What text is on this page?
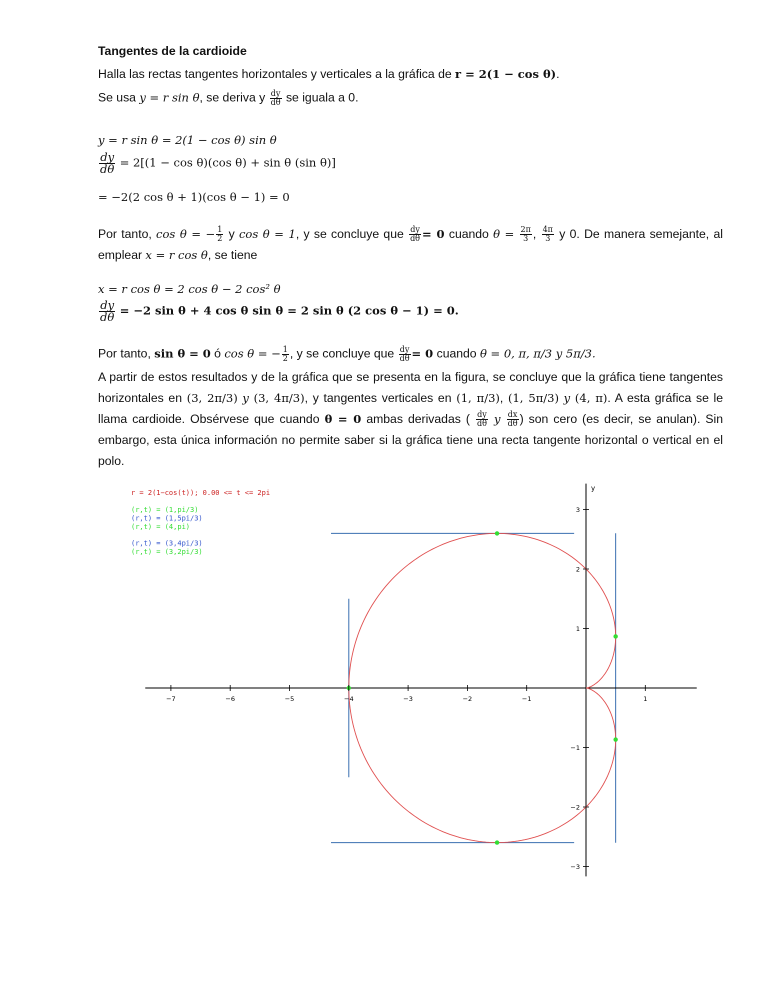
Tangentes de la cardioide
Halla las rectas tangentes horizontales y verticales a la gráfica de r = 2(1 − cos θ).
Se usa y = r sin θ, se deriva y $\frac{dy}{d\theta}$ se iguala a 0.
y = r sin θ = 2(1 − cos θ) sin θ
$\frac{dy}{d\theta} = 2[(1 - \cos \theta)(\cos$ θ) + sin θ (sin θ)]
= −2(2 cos θ + 1)(cos θ − 1) = 0
Por tanto, cos θ = − $\frac{1}{2}$ y cos θ = 1, y se concluye que $\frac{dy}{d\theta} = 0$ cuando $\theta = \frac{2\pi}{3}$ , $\frac{4\pi}{3}$ y 0. De manera semejante, al emplear x = r cos θ, se tiene
x = r cos θ = 2 cos θ − 2 cos² θ
$\frac{dy}{d\theta} = -2$ sin θ + 4 cos θ sin θ = 2 sin θ (2 cos θ − 1) = 0.
Por tanto, sin θ = 0 ó cos θ = − $\frac{1}{2}$ , y se concluye que $\frac{dy}{d\theta} = 0$ cuando θ = 0, π, π/3 y 5π/3.
A partir de estos resultados y de la gráfica que se presenta en la figura, se concluye que la gráfica tiene tangentes horizontales en (3, 2π/3) y (3, 4π/3), y tangentes verticales en (1, π/3), (1, 5π/3) y (4, π). A esta gráfica se le llama cardioide. Obsérvese que cuando θ = 0 ambas derivadas ( $\frac{dy}{d\theta}$ y $\frac{dx}{d\theta}$ ) son cero (es decir, se anulan). Sin embargo, esta única información no permite saber si la gráfica tiene una recta tangente horizontal o vertical en el polo.
y
−7	−6	−5	−4	−3	−2	−1	1
3
2
1
−1
−2
−3
r = 2(1−cos(t)); 0.00 <= t <= 2pi
(r,t) = (1,pi/3)
(r,t) = (1,5pi/3)
(r,t) = (4,pi)
(r,t) = (3,4pi/3)
(r,t) = (3,2pi/3)
